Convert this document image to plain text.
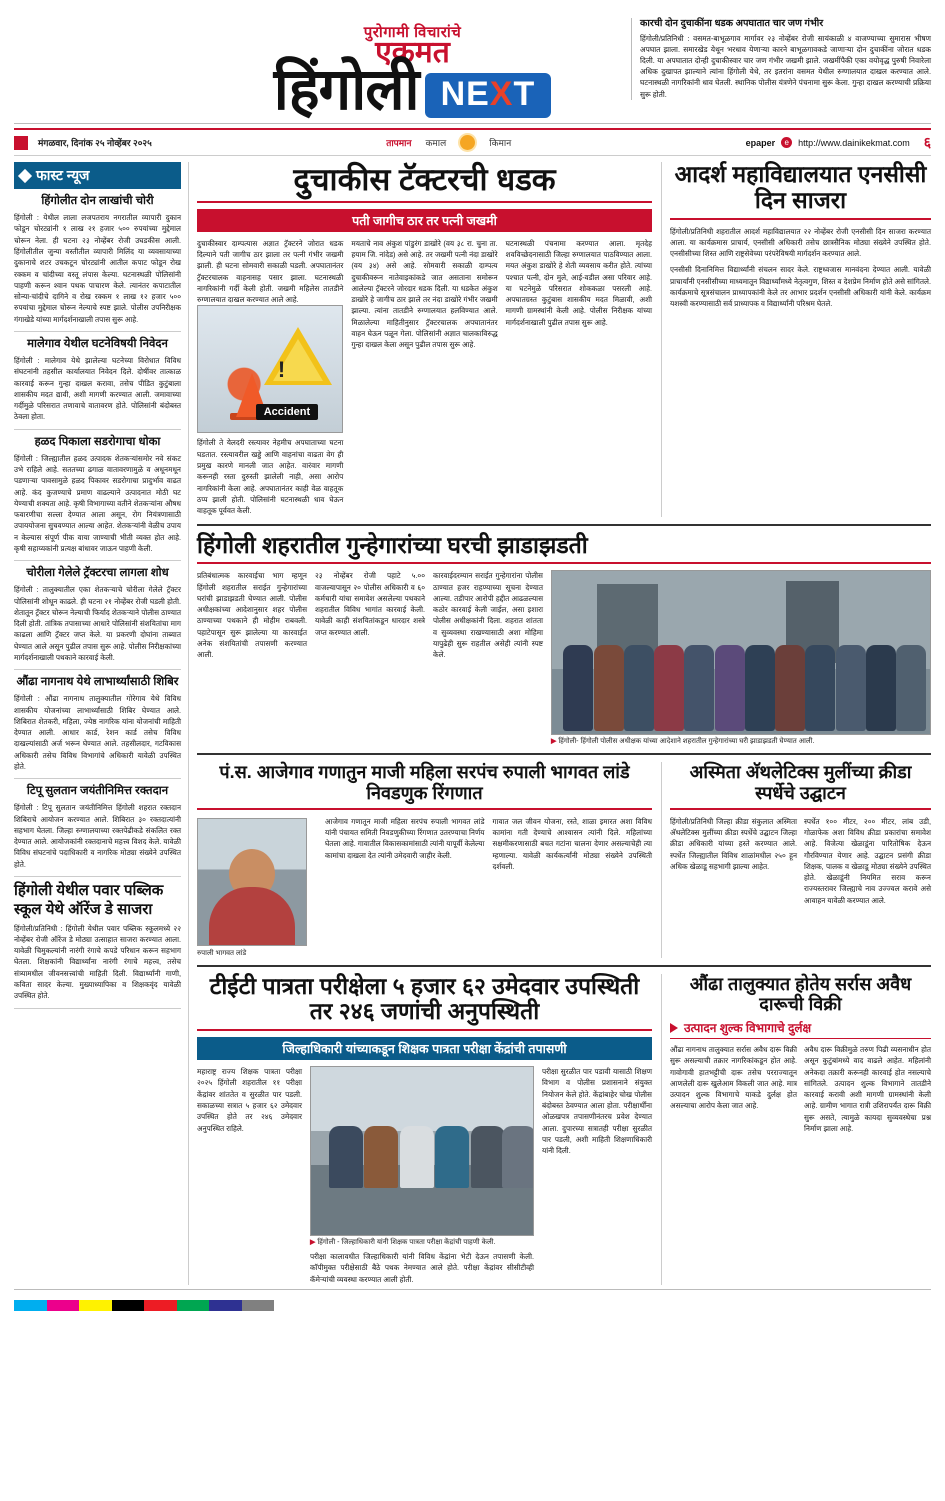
पुरोगामी विचारांचे
एकमत
हिंगोली NEXT
कारची दोन दुचाकींना धडक अपघातात चार जण गंभीर
हिंगोली/प्रतिनिधी : वसमत-बाभूळगाव मार्गावर २३ नोव्हेंबर रोजी सायंकाळी ४ वाजण्याच्या सुमारास भीषण अपघात झाला. समारखेड येथून भरधाव येणार्‍या कारने बाभूळगावकडे जाणाऱ्या दोन दुचाकींना जोरात धडक दिली. या अपघातात दोन्ही दुचाकीस्वार चार जण गंभीर जखमी झाले. जखमींपैकी एका वयोवृद्ध पुरुषी निवारेला अधिक दुखापत झाल्याने त्यांना हिंगोली येथे, तर इतरांना वसमत येथील रुग्णालयात दाखल करण्यात आले. घटनास्थळी नागरिकांनी धाव घेतली. स्थानिक पोलीस यंत्रणेने पंचनामा सुरू केला. गुन्हा दाखल करण्याची प्रक्रिया सुरू होती.
मंगळवार, दिनांक २५ नोव्हेंबर २०२५	तापमान कमाल	किमान	epaper	e	http://www.dainikekmat.com ६
फास्ट न्यूज
हिंगोलीत दोन लाखांची चोरी
हिंगोली : येथील लाला लजपतराय नगरातील व्यापारी दुकान फोडून चोरट्यांनी १ लाख २१ हजार ५०० रुपयांच्या मुद्देमाल चोरून नेला. ही घटना २३ नोव्हेंबर रोजी उघडकीस आली. हिंगोलीतील जुन्या वस्तीतील व्यापारी मिलिंद या व्यवसायाच्या दुकानाचे शटर उचकटून चोरट्यांनी आतील कपाट फोडून रोख रक्कम व चांदीच्या वस्तू लंपास केल्या. घटनास्थळी पोलिसांनी पाहणी करून श्वान पथक पाचारण केले. त्यानंतर कपाटातील सोन्या-चांदीचे दागिने व रोख रक्कम १ लाख १२ हजार ५०० रुपयांचा मुद्देमाल चोरून नेल्याचे स्पष्ट झाले. पोलीस उपनिरीक्षक गंगाखेडे यांच्या मार्गदर्शनाखाली तपास सुरू आहे.
मालेगाव येथील घटनेविषयी निवेदन
हिंगोली : मालेगाव येथे झालेल्या घटनेच्या विरोधात विविध संघटनांनी तहसील कार्यालयात निवेदन दिले. दोषींवर तात्काळ कारवाई करून गुन्हा दाखल करावा, तसेच पीडित कुटुंबाला शासकीय मदत द्यावी, अशी मागणी करण्यात आली. जमावाच्या गर्दीमुळे परिसरात तणावाचे वातावरण होते. पोलिसांनी बंदोबस्त ठेवला होता.
हळद पिकाला सडरोगाचा धोका
हिंगोली : जिल्ह्यातील हळद उत्पादक शेतकऱ्यांसमोर नवे संकट उभे राहिले आहे. सततच्या ढगाळ वातावरणामुळे व अधूनमधून पडणाऱ्या पावसामुळे हळद पिकावर सडरोगाचा प्रादुर्भाव वाढत आहे. कंद कुजण्याचे प्रमाण वाढल्याने उत्पादनात मोठी घट येण्याची शक्यता आहे. कृषी विभागाच्या वतीने शेतकऱ्यांना औषध फवारणीचा सल्ला देण्यात आला असून, रोग नियंत्रणासाठी उपाययोजना सुचवण्यात आल्या आहेत. शेतकऱ्यांनी वेळीच उपाय न केल्यास संपूर्ण पीक वाया जाण्याची भीती व्यक्त होत आहे. कृषी सहाय्यकांनी प्रत्यक्ष बांधावर जाऊन पाहणी केली.
चोरीला गेलेले ट्रॅक्टरचा लागला शोध
हिंगोली : तालुक्यातील एका शेतकऱ्याचे चोरीला गेलेले ट्रॅक्टर पोलिसांनी शोधून काढले. ही घटना २१ नोव्हेंबर रोजी घडली होती. शेतातून ट्रॅक्टर चोरून नेल्याची फिर्याद शेतकऱ्याने पोलीस ठाण्यात दिली होती. तांत्रिक तपासाच्या आधारे पोलिसांनी संशयितांचा माग काढला आणि ट्रॅक्टर जप्त केले. या प्रकरणी दोघांना ताब्यात घेण्यात आले असून पुढील तपास सुरू आहे. पोलीस निरीक्षकांच्या मार्गदर्शनाखाली पथकाने कारवाई केली.
औंढा नागनाथ येथे लाभार्थ्यांसाठी शिबिर
हिंगोली : औंढा नागनाथ तालुक्यातील गोरेगाव येथे विविध शासकीय योजनांच्या लाभार्थ्यांसाठी शिबिर घेण्यात आले. शिबिरात शेतकरी, महिला, ज्येष्ठ नागरिक यांना योजनांची माहिती देण्यात आली. आधार कार्ड, रेशन कार्ड तसेच विविध दाखल्यांसाठी अर्ज भरून घेण्यात आले. तहसीलदार, गटविकास अधिकारी तसेच विविध विभागांचे अधिकारी यावेळी उपस्थित होते.
टिपू सुलतान जयंतीनिमित्त रक्तदान
हिंगोली : टिपू सुलतान जयंतीनिमित्त हिंगोली शहरात रक्तदान शिबिराचे आयोजन करण्यात आले. शिबिरात ३० रक्तदात्यांनी सहभाग घेतला. जिल्हा रुग्णालयाच्या रक्तपेढीकडे संकलित रक्त देण्यात आले. आयोजकांनी रक्तदानाचे महत्त्व विशद केले. यावेळी विविध संघटनांचे पदाधिकारी व नागरिक मोठ्या संख्येने उपस्थित होते.
हिंगोली येथील पवार पब्लिक स्कूल येथे ऑरेंज डे साजरा
हिंगोली/प्रतिनिधी : हिंगोली येथील पवार पब्लिक स्कूलमध्ये २२ नोव्हेंबर रोजी ऑरेंज डे मोठ्या उत्साहात साजरा करण्यात आला. यावेळी चिमुकल्यांनी नारंगी रंगाचे कपडे परिधान करून सहभाग घेतला. शिक्षकांनी विद्यार्थ्यांना नारंगी रंगाचे महत्त्व, तसेच संत्र्यामधील जीवनसत्त्वांची माहिती दिली. विद्यार्थ्यांनी गाणी, कविता सादर केल्या. मुख्याध्यापिका व शिक्षकवृंद यावेळी उपस्थित होते.
दुचाकीस टॅक्टरची धडक
पती जागीच ठार तर पत्नी जखमी
दुचाकीस्वार दाम्पत्यास अज्ञात ट्रॅक्टरने जोरात धडक दिल्याने पती जागीच ठार झाला तर पत्नी गंभीर जखमी झाली. ही घटना सोमवारी सकाळी घडली. अपघातानंतर ट्रॅक्टरचालक वाहनासह पसार झाला. घटनास्थळी नागरिकांनी गर्दी केली होती. जखमी महिलेस तातडीने रुग्णालयात दाखल करण्यात आले आहे.
!
Accident
हिंगोली ते येलदरी रस्त्यावर नेहमीच अपघाताच्या घटना घडतात. रस्त्यावरील खड्डे आणि वाहनांचा वाढता वेग ही प्रमुख कारणे मानली जात आहेत. वारंवार मागणी करूनही रस्ता दुरुस्ती झालेली नाही, असा आरोप नागरिकांनी केला आहे. अपघातानंतर काही वेळ वाहतूक ठप्प झाली होती. पोलिसांनी घटनास्थळी धाव घेऊन वाहतूक पूर्ववत केली.
मयताचे नाव अंकुश पांडुरंग डाखोरे (वय ३८ रा. चुना ता. हयाम जि. नांदेड) असे आहे. तर जखमी पत्नी नंदा डाखोरे (वय ३४) असे आहे. सोमवारी सकाळी दाम्पत्य दुचाकीवरून नातेवाइकांकडे जात असताना समोरून आलेल्या ट्रॅक्टरने जोरदार धडक दिली. या धडकेत अंकुश डाखोरे हे जागीच ठार झाले तर नंदा डाखोरे गंभीर जखमी झाल्या. त्यांना तातडीने रुग्णालयात हलविण्यात आले. मिळालेल्या माहितीनुसार ट्रॅक्टरचालक अपघातानंतर वाहन घेऊन पळून गेला. पोलिसांनी अज्ञात चालकाविरुद्ध गुन्हा दाखल केला असून पुढील तपास सुरू आहे.
घटनास्थळी पंचनामा करण्यात आला. मृतदेह शवविच्छेदनासाठी जिल्हा रुग्णालयात पाठविण्यात आला. मयत अंकुश डाखोरे हे शेती व्यवसाय करीत होते. त्यांच्या पश्चात पत्नी, दोन मुले, आई-वडील असा परिवार आहे. या घटनेमुळे परिसरात शोककळा पसरली आहे. अपघातग्रस्त कुटुंबास शासकीय मदत मिळावी, अशी मागणी ग्रामस्थांनी केली आहे. पोलीस निरीक्षक यांच्या मार्गदर्शनाखाली पुढील तपास सुरू आहे.
आदर्श महाविद्यालयात एनसीसी दिन साजरा
हिंगोली/प्रतिनिधी शहरातील आदर्श महाविद्यालयात २२ नोव्हेंबर रोजी एनसीसी दिन साजरा करण्यात आला. या कार्यक्रमास प्राचार्य, एनसीसी अधिकारी तसेच छात्रसैनिक मोठ्या संख्येने उपस्थित होते. एनसीसीच्या शिस्त आणि राष्ट्रसेवेच्या परंपरेविषयी मार्गदर्शन करण्यात आले.
एनसीसी दिनानिमित्त विद्यार्थ्यांनी संचलन सादर केले. राष्ट्रध्वजास मानवंदना देण्यात आली. यावेळी प्राचार्यांनी एनसीसीच्या माध्यमातून विद्यार्थ्यांमध्ये नेतृत्वगुण, शिस्त व देशप्रेम निर्माण होते असे सांगितले. कार्यक्रमाचे सूत्रसंचालन प्राध्यापकांनी केले तर आभार प्रदर्शन एनसीसी अधिकारी यांनी केले. कार्यक्रम यशस्वी करण्यासाठी सर्व प्राध्यापक व विद्यार्थ्यांनी परिश्रम घेतले.
हिंगोली शहरातील गुन्हेगारांच्या घरची झाडाझडती
प्रतिबंधात्मक कारवाईचा भाग म्हणून हिंगोली शहरातील सराईत गुन्हेगारांच्या घरांची झाडाझडती घेण्यात आली. पोलीस अधीक्षकांच्या आदेशानुसार शहर पोलीस ठाण्याच्या पथकाने ही मोहीम राबवली. पहाटेपासून सुरू झालेल्या या कारवाईत अनेक संशयितांची तपासणी करण्यात आली.
२३ नोव्हेंबर रोजी पहाटे ५.०० वाजल्यापासून २० पोलीस अधिकारी व ६० कर्मचारी यांचा समावेश असलेल्या पथकाने शहरातील विविध भागांत कारवाई केली. यावेळी काही संशयितांकडून धारदार शस्त्रे जप्त करण्यात आली.
कारवाईदरम्यान सराईत गुन्हेगारांना पोलीस ठाण्यात हजर राहण्याच्या सूचना देण्यात आल्या. तडीपार आरोपी हद्दीत आढळल्यास कठोर कारवाई केली जाईल, असा इशारा पोलीस अधीक्षकांनी दिला. शहरात शांतता व सुव्यवस्था राखण्यासाठी अशा मोहिमा यापुढेही सुरू राहतील असेही त्यांनी स्पष्ट केले.
▶ हिंगोली- हिंगोली पोलीस अधीक्षक यांच्या आदेशाने शहरातील गुन्हेगारांच्या घरी झाडाझडती घेण्यात आली.
पं.स. आजेगाव गणातुन माजी महिला सरपंच रुपाली भागवत लांडे निवडणुक रिंगणात
रुपाली भागवत लांडे
आजेगाव गणातून माजी महिला सरपंच रुपाली भागवत लांडे यांनी पंचायत समिती निवडणुकीच्या रिंगणात उतरण्याचा निर्णय घेतला आहे. गावातील विकासकामांसाठी त्यांनी यापूर्वी केलेल्या कामांचा दाखला देत त्यांनी उमेदवारी जाहीर केली.
गावात जल जीवन योजना, रस्ते, शाळा इमारत अशा विविध कामांना गती देण्याचे आश्वासन त्यांनी दिले. महिलांच्या सक्षमीकरणासाठी बचत गटांना चालना देणार असल्याचेही त्या म्हणाल्या. यावेळी कार्यकर्त्यांनी मोठ्या संख्येने उपस्थिती दर्शवली.
अस्मिता अ‍ॅथलेटिक्स मुलींच्या क्रीडा स्पर्धेचे उद्घाटन
हिंगोली/प्रतिनिधी जिल्हा क्रीडा संकुलात अस्मिता अ‍ॅथलेटिक्स मुलींच्या क्रीडा स्पर्धेचे उद्घाटन जिल्हा क्रीडा अधिकारी यांच्या हस्ते करण्यात आले. स्पर्धेत जिल्ह्यातील विविध शाळांमधील २५० हून अधिक खेळाडू सहभागी झाल्या आहेत.
स्पर्धेत १०० मीटर, २०० मीटर, लांब उडी, गोळाफेक अशा विविध क्रीडा प्रकारांचा समावेश आहे. विजेत्या खेळाडूंना पारितोषिक देऊन गौरविण्यात येणार आहे. उद्घाटन प्रसंगी क्रीडा शिक्षक, पालक व खेळाडू मोठ्या संख्येने उपस्थित होते. खेळाडूंनी नियमित सराव करून राज्यस्तरावर जिल्ह्याचे नाव उज्ज्वल करावे असे आवाहन यावेळी करण्यात आले.
टीईटी पात्रता परीक्षेला ५ हजार ६२ उमेदवार उपस्थिती तर २४६ जणांची अनुपस्थिती
जिल्हाधिकारी यांच्याकडून शिक्षक पात्रता परीक्षा केंद्रांची तपासणी
महाराष्ट्र राज्य शिक्षक पात्रता परीक्षा २०२५ हिंगोली शहरातील ११ परीक्षा केंद्रांवर शांततेत व सुरळीत पार पडली. सकाळच्या सत्रात ५ हजार ६२ उमेदवार उपस्थित होते तर २४६ उमेदवार अनुपस्थित राहिले.
▶ हिंगोली - जिल्हाधिकारी यांनी शिक्षक पात्रता परीक्षा केंद्रांची पाहणी केली.
परीक्षा कालावधीत जिल्हाधिकारी यांनी विविध केंद्रांना भेटी देऊन तपासणी केली. कॉपीमुक्त परीक्षेसाठी बैठे पथक नेमण्यात आले होते. परीक्षा केंद्रांवर सीसीटीव्ही कॅमेऱ्यांची व्यवस्था करण्यात आली होती.
परीक्षा सुरळीत पार पडावी यासाठी शिक्षण विभाग व पोलीस प्रशासनाने संयुक्त नियोजन केले होते. केंद्रांबाहेर चोख पोलीस बंदोबस्त ठेवण्यात आला होता. परीक्षार्थींना ओळखपत्र तपासणीनंतरच प्रवेश देण्यात आला. दुपारच्या सत्रातही परीक्षा सुरळीत पार पडली, अशी माहिती शिक्षणाधिकारी यांनी दिली.
औंढा तालुक्यात होतेय सर्रास अवैध दारूची विक्री
उत्पादन शुल्क विभागाचे दुर्लक्ष
औंढा नागनाथ तालुक्यात सर्रास अवैध दारू विक्री सुरू असल्याची तक्रार नागरिकांकडून होत आहे. गावोगावी हातभट्टीची दारू तसेच परराज्यातून आणलेली दारू खुलेआम विकली जात आहे. मात्र उत्पादन शुल्क विभागाचे याकडे दुर्लक्ष होत असल्याचा आरोप केला जात आहे.
अवैध दारू विक्रीमुळे तरुण पिढी व्यसनाधीन होत असून कुटुंबांमध्ये वाद वाढले आहेत. महिलांनी अनेकदा तक्रारी करूनही कारवाई होत नसल्याचे सांगितले. उत्पादन शुल्क विभागाने तातडीने कारवाई करावी अशी मागणी ग्रामस्थांनी केली आहे. ग्रामीण भागात रात्री उशिरापर्यंत दारू विक्री सुरू असते, त्यामुळे कायदा सुव्यवस्थेचा प्रश्न निर्माण झाला आहे.
